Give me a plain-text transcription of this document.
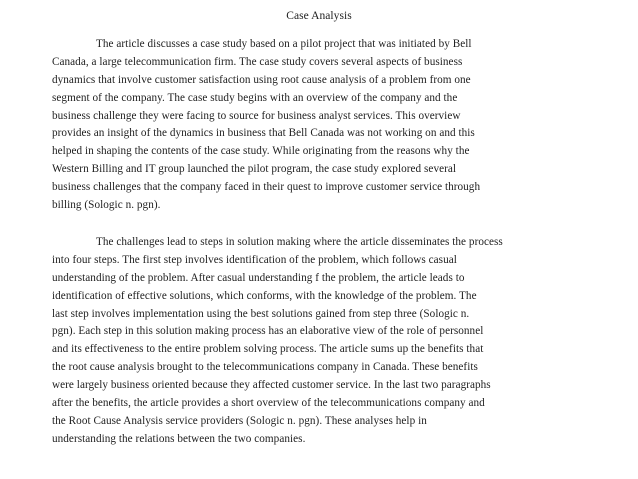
Case Analysis
The article discusses a case study based on a pilot project that was initiated by Bell
Canada, a large telecommunication firm. The case study covers several aspects of business
dynamics that involve customer satisfaction using root cause analysis of a problem from one
segment of the company. The case study begins with an overview of the company and the
business challenge they were facing to source for business analyst services. This overview
provides an insight of the dynamics in business that Bell Canada was not working on and this
helped in shaping the contents of the case study. While originating from the reasons why the
Western Billing and IT group launched the pilot program, the case study explored several
business challenges that the company faced in their quest to improve customer service through
billing (Sologic n. pgn).
The challenges lead to steps in solution making where the article disseminates the process
into four steps. The first step involves identification of the problem, which follows casual
understanding of the problem. After casual understanding f the problem, the article leads to
identification of effective solutions, which conforms, with the knowledge of the problem. The
last step involves implementation using the best solutions gained from step three (Sologic n.
pgn). Each step in this solution making process has an elaborative view of the role of personnel
and its effectiveness to the entire problem solving process. The article sums up the benefits that
the root cause analysis brought to the telecommunications company in Canada. These benefits
were largely business oriented because they affected customer service. In the last two paragraphs
after the benefits, the article provides a short overview of the telecommunications company and
the Root Cause Analysis service providers (Sologic n. pgn). These analyses help in
understanding the relations between the two companies.
